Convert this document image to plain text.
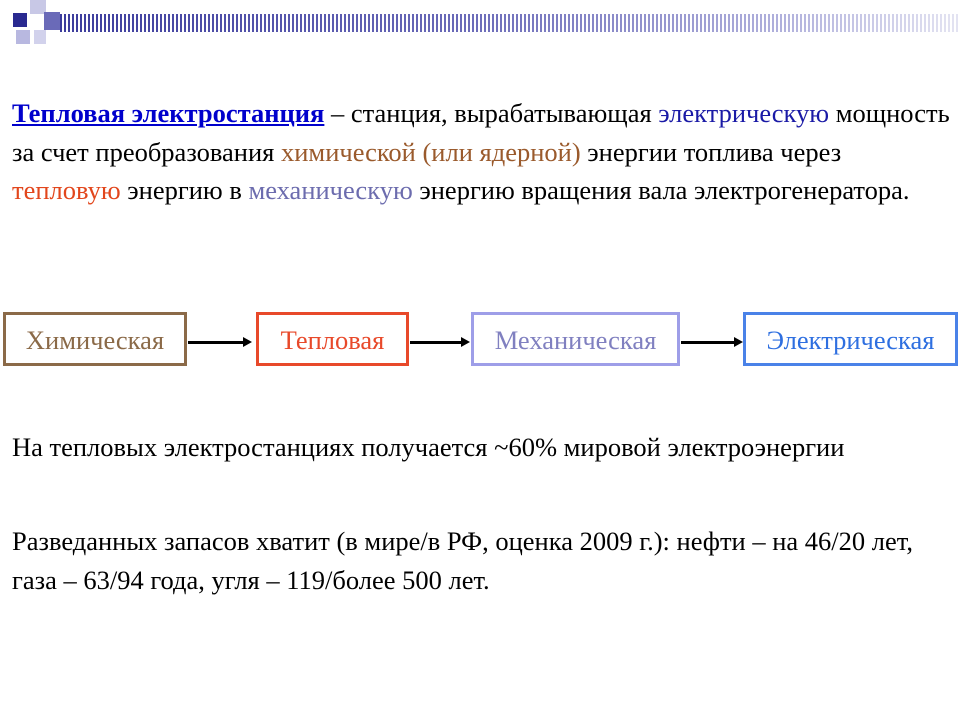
Тепловая электростанция – станция, вырабатывающая электрическую мощность за счет преобразования химической (или ядерной) энергии топлива через тепловую энергию в механическую энергию вращения вала электрогенератора.

Химическая	Тепловая	Механическая	Электрическая

На тепловых электростанциях получается ~60% мировой электроэнергии

Разведанных запасов хватит (в мире/в РФ, оценка 2009 г.): нефти – на 46/20 лет, газа – 63/94 года, угля – 119/более 500 лет.
